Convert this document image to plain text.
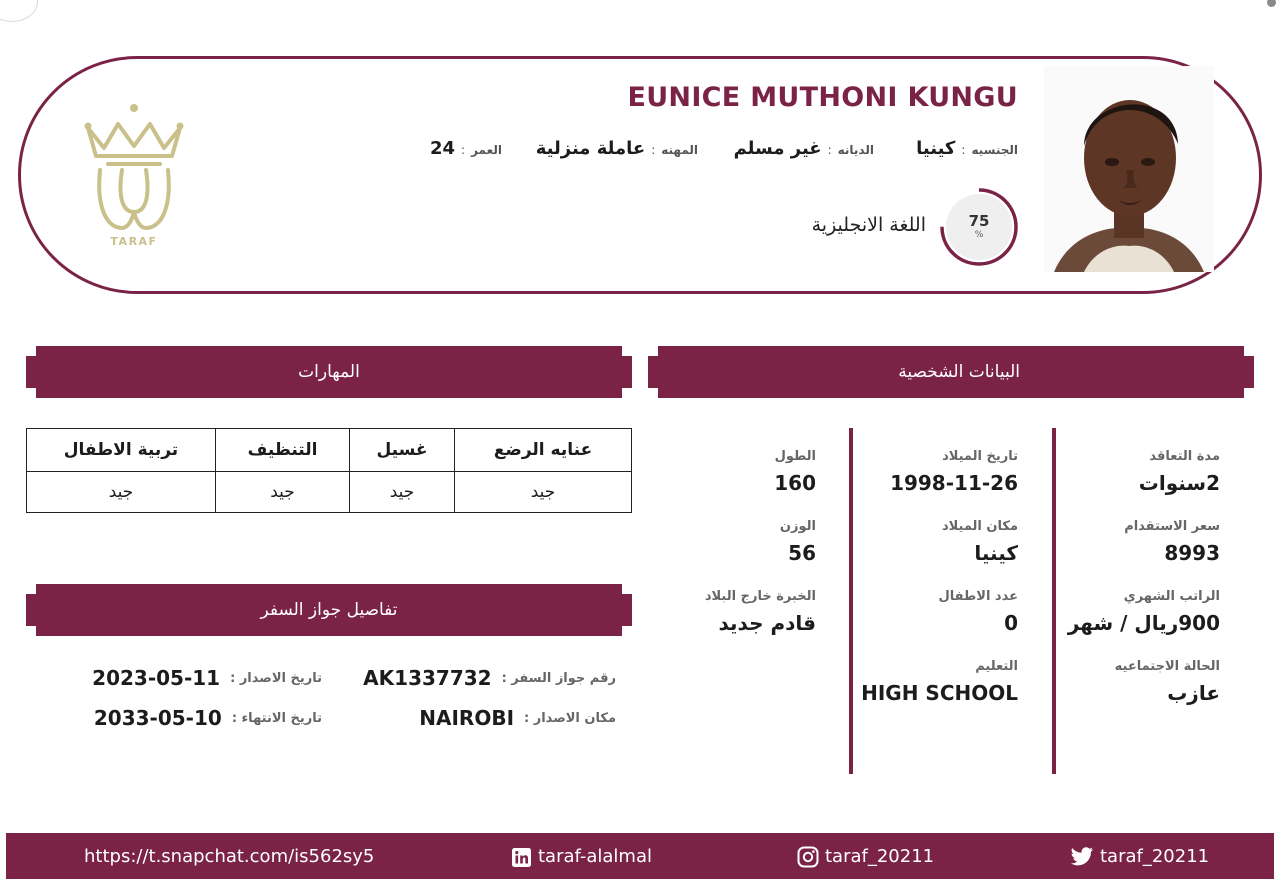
EUNICE MUTHONI KUNGU
الجنسيه
:
كينيا
الديانه
:
غير مسلم
المهنه
:
عاملة منزلية
العمر
:
24
75
%
اللغة الانجليزية
TARAF
البيانات الشخصية
المهارات
تفاصيل جواز السفر
مدة التعاقد
2سنوات
سعر الاستقدام
8993
الراتب الشهري
900ريال / شهر
الحالة الاجتماعيه
عازب
تاريخ الميلاد
1998-11-26
مكان الميلاد
كينيا
عدد الاطفال
0
التعليم
HIGH SCHOOL
الطول
160
الوزن
56
الخبرة خارج البلاد
قادم جديد
عنايه الرضع	غسيل	التنظيف	تربية الاطفال
جيد	جيد	جيد	جيد
رقم جواز السفر :
AK1337732
مكان الاصدار :
NAIROBI
تاريخ الاصدار :
2023-05-11
تاريخ الانتهاء :
2033-05-10
https://t.snapchat.com/is562sy5	taraf-alalmal	taraf_20211	taraf_20211
